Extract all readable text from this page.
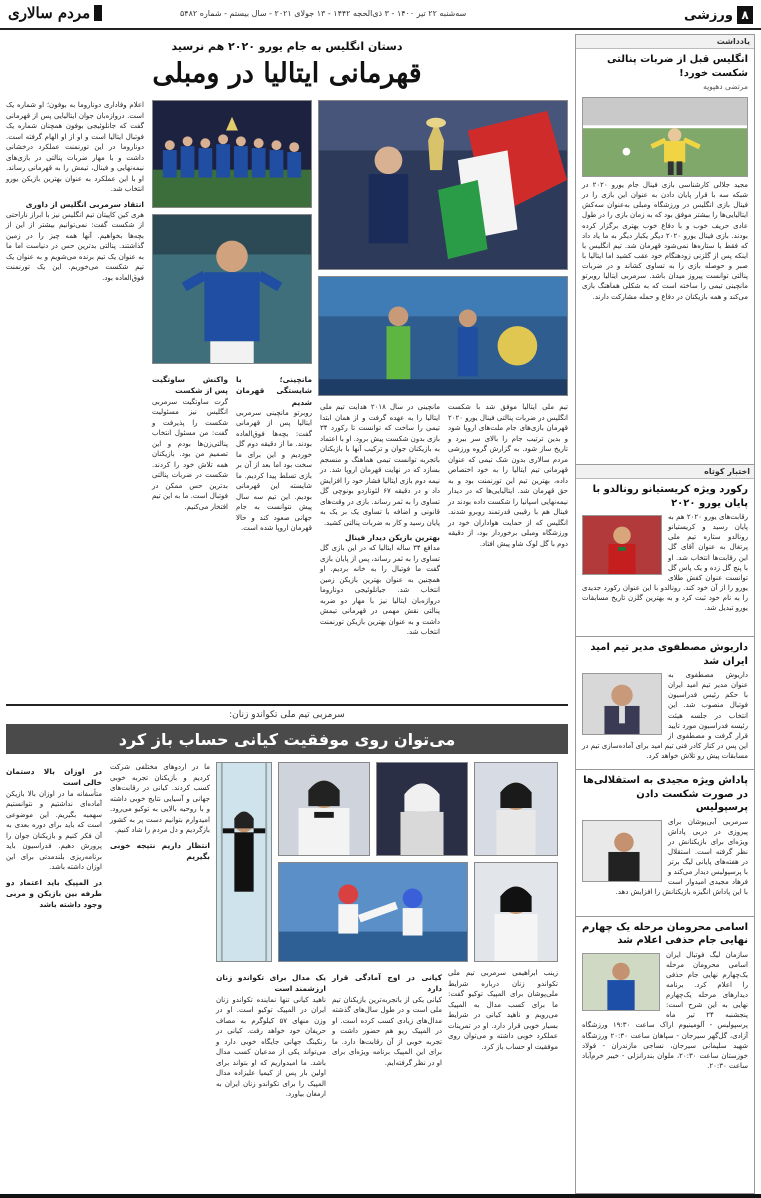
۸
ورزشی
سه‌شنبه ۲۲ تیر ۱۴۰۰ - ۳ ذی‌الحجه ۱۴۴۲ - ۱۳ جولای ۲۰۲۱ - سال بیستم - شماره ۵۴۸۲
مردم سالاری
یادداشت
انگلیس قبل از ضربات پنالتی شکست خورد!
مرتضی دهپویه
مجید جلالی کارشناسی بازی فینال جام یورو ۲۰۲۰ در شبکه سه با قرار پایان دادن به عنوان این بازی را در فینال بازی انگلیس در ورزشگاه ومبلی به‌عنوان سه‌کش ایتالیایی‌ها را بیشتر موفق بود که به زمان بازی را در طول عادی حریف خوب و با دفاع خوب بهتری برگزار کرده بودند. بازی فینال یورو ۲۰۲۰ دیگر یکبار دیگر به ما یاد داد که فقط با ستاره‌ها نمی‌شود قهرمان شد. تیم انگلیس با اینکه پس از گلزنی زودهنگام خود عقب کشید اما ایتالیا با صبر و حوصله بازی را به تساوی کشاند و در ضربات پنالتی توانست پیروز میدان باشد. سرمربی ایتالیا روبرتو مانچینی تیمی را ساخته است که به شکلی هماهنگ بازی می‌کند و همه بازیکنان در دفاع و حمله مشارکت دارند.
اختبار کوتاه
رکورد ویژه کریستیانو رونالدو با پایان یورو ۲۰۲۰
رقابت‌های یورو ۲۰۲۰ هم به پایان رسید و کریستیانو رونالدو ستاره تیم ملی پرتغال به عنوان آقای گل این رقابت‌ها انتخاب شد. او با پنج گل زده و یک پاس گل توانست عنوان کفش طلای یورو را از آن خود کند. رونالدو با این عنوان رکورد جدیدی را به نام خود ثبت کرد و به بهترین گلزن تاریخ مسابقات یورو تبدیل شد.
داریوش مصطفوی مدیر تیم امید ایران شد
داریوش مصطفوی به عنوان مدیر تیم امید ایران با حکم رئیس فدراسیون فوتبال منصوب شد. این انتخاب در جلسه هیئت رئیسه فدراسیون مورد تایید قرار گرفت و مصطفوی از این پس در کنار کادر فنی تیم امید برای آماده‌سازی تیم در مسابقات پیش رو تلاش خواهد کرد.
پاداش ویژه مجیدی به استقلالی‌ها در صورت شکست دادن پرسپولیس
سرمربی آبی‌پوشان برای پیروزی در دربی پاداش ویژه‌ای برای بازیکنانش در نظر گرفته است. استقلال در هفته‌های پایانی لیگ برتر با پرسپولیس دیدار می‌کند و فرهاد مجیدی امیدوار است با این پاداش انگیزه بازیکنانش را افزایش دهد.
اسامی محرومان مرحله یک چهارم نهایی جام حذفی اعلام شد
سازمان لیگ فوتبال ایران اسامی محرومان مرحله یک‌چهارم نهایی جام حذفی را اعلام کرد. برنامه دیدارهای مرحله یک‌چهارم نهایی به این شرح است: پنجشنبه ۲۴ تیر ماه پرسپولیس - آلومینیوم اراک ساعت ۱۹:۳۰ ورزشگاه آزادی، گل‌گهر سیرجان - سپاهان ساعت ۲۰:۳۰ ورزشگاه شهید سلیمانی سیرجان، نساجی مازندران - فولاد خوزستان ساعت ۲۰:۳۰، ملوان بندرانزلی - خیبر خرم‌آباد ساعت ۲۰:۳۰.
دستان انگلیس به جام یورو ۲۰۲۰ هم نرسید
قهرمانی ایتالیا در ومبلی

تیم ملی ایتالیا موفق شد با شکست انگلیس در ضربات پنالتی فینال یورو ۲۰۲۰ قهرمان بازی‌های جام ملت‌های اروپا شود و بدین ترتیب جام را بالای سر ببرد و تاریخ ساز شود. به گزارش گروه ورزشی مردم سالاری بدون شک تیمی که عنوان قهرمانی تیم ایتالیا را به خود اختصاص داده، بهترین تیم این تورنمنت بود و به حق قهرمان شد. ایتالیایی‌ها که در دیدار نیمه‌نهایی اسپانیا را شکست داده بودند در فینال هم با رقیبی قدرتمند روبرو شدند. انگلیس که از حمایت هواداران خود در ورزشگاه ومبلی برخوردار بود، از دقیقه دوم با گل لوک شاو پیش افتاد.

مانچینی در سال ۲۰۱۸ هدایت تیم ملی ایتالیا را به عهده گرفت و از همان ابتدا تیمی را ساخت که توانست تا رکورد ۳۴ بازی بدون شکست پیش برود. او با اعتماد به بازیکنان جوان و ترکیب آنها با بازیکنان باتجربه توانست تیمی هماهنگ و منسجم بسازد که در نهایت قهرمان اروپا شد. در نیمه دوم بازی ایتالیا فشار خود را افزایش داد و در دقیقه ۶۷ لئوناردو بونوچی گل تساوی را به ثمر رساند. بازی در وقت‌های قانونی و اضافه با تساوی یک بر یک به پایان رسید و کار به ضربات پنالتی کشید.

بهترین بازیکن دیدار فینال

مدافع ۳۴ ساله ایتالیا که در این بازی گل تساوی را به ثمر رساند، پس از پایان بازی گفت ما فوتبال را به خانه بردیم. او همچنین به عنوان بهترین بازیکن زمین انتخاب شد. جیانلوئیجی دوناروما دروازه‌بان ایتالیا نیز با مهار دو ضربه پنالتی نقش مهمی در قهرمانی تیمش داشت و به عنوان بهترین بازیکن تورنمنت انتخاب شد.

مانچینی؛ با شایستگی قهرمان شدیم

روبرتو مانچینی سرمربی ایتالیا پس از قهرمانی گفت: بچه‌ها فوق‌العاده بودند. ما از دقیقه دوم گل خوردیم و این برای ما سخت بود اما بعد از آن بر بازی تسلط پیدا کردیم. ما شایسته این قهرمانی بودیم. این تیم سه سال پیش نتوانست به جام جهانی صعود کند و حالا قهرمان اروپا شده است.

واکنش ساوتگیت پس از شکست

گرت ساوتگیت سرمربی انگلیس نیز مسئولیت شکست را پذیرفت و گفت: من مسئول انتخاب پنالتی‌زن‌ها بودم و این تصمیم من بود. بازیکنان همه تلاش خود را کردند. شکست در ضربات پنالتی بدترین حس ممکن در فوتبال است. ما به این تیم افتخار می‌کنیم.

اعلام وفاداری دوناروما به بوفون؛ او شماره یک است. دروازه‌بان جوان ایتالیایی پس از قهرمانی گفت که جانلوئیجی بوفون همچنان شماره یک فوتبال ایتالیا است و او از او الهام گرفته است. دوناروما در این تورنمنت عملکرد درخشانی داشت و با مهار ضربات پنالتی در بازی‌های نیمه‌نهایی و فینال، تیمش را به قهرمانی رساند. او با این عملکرد به عنوان بهترین بازیکن یورو انتخاب شد.

انتقاد سرمربی انگلیس از داوری

هری کین کاپیتان تیم انگلیس نیز با ابراز ناراحتی از شکست گفت: نمی‌توانیم بیشتر از این از بچه‌ها بخواهیم. آنها همه چیز را در زمین گذاشتند. پنالتی بدترین حس در دنیاست اما ما به عنوان یک تیم برنده می‌شویم و به عنوان یک تیم شکست می‌خوریم. این یک تورنمنت فوق‌العاده بود.

سرمربی تیم ملی تکواندو زنان:
می‌توان روی موفقیت کیانی حساب باز کرد

زینب ابراهیمی سرمربی تیم ملی تکواندو زنان درباره شرایط ملی‌پوشان برای المپیک توکیو گفت: ما برای کسب مدال به المپیک می‌رویم و ناهید کیانی در شرایط بسیار خوبی قرار دارد. او در تمرینات عملکرد خوبی داشته و می‌توان روی موفقیت او حساب باز کرد.

کیانی در اوج آمادگی قرار دارد

کیانی یکی از باتجربه‌ترین بازیکنان تیم ملی است و در طول سال‌های گذشته مدال‌های زیادی کسب کرده است. او در المپیک ریو هم حضور داشت و تجربه خوبی از آن رقابت‌ها دارد. ما برای این المپیک برنامه ویژه‌ای برای او در نظر گرفته‌ایم.

یک مدال برای تکواندو زنان ارزشمند است

ناهید کیانی تنها نماینده تکواندو زنان ایران در المپیک توکیو است. او در وزن منهای ۵۷ کیلوگرم به مصاف حریفان خود خواهد رفت. کیانی در رنکینگ جهانی جایگاه خوبی دارد و می‌تواند یکی از مدعیان کسب مدال باشد. ما امیدواریم که او بتواند برای اولین بار پس از کیمیا علیزاده مدال المپیک را برای تکواندو زنان ایران به ارمغان بیاورد.

ما در اردوهای مختلفی شرکت کردیم و بازیکنان تجربه خوبی کسب کردند. کیانی در رقابت‌های جهانی و آسیایی نتایج خوبی داشته و با روحیه بالایی به توکیو می‌رود. امیدوارم بتوانیم دست پر به کشور بازگردیم و دل مردم را شاد کنیم.

انتظار داریم نتیجه خوبی بگیریم
در اوزان بالا دستمان خالی است

متأسفانه ما در اوزان بالا بازیکن آماده‌ای نداشتیم و نتوانستیم سهمیه بگیریم. این موضوعی است که باید برای دوره بعدی به آن فکر کنیم و بازیکنان جوان را پرورش دهیم. فدراسیون باید برنامه‌ریزی بلندمدتی برای این اوزان داشته باشد.

در المپیک باید اعتماد دو طرفه بین بازیکن و مربی وجود داشته باشد
